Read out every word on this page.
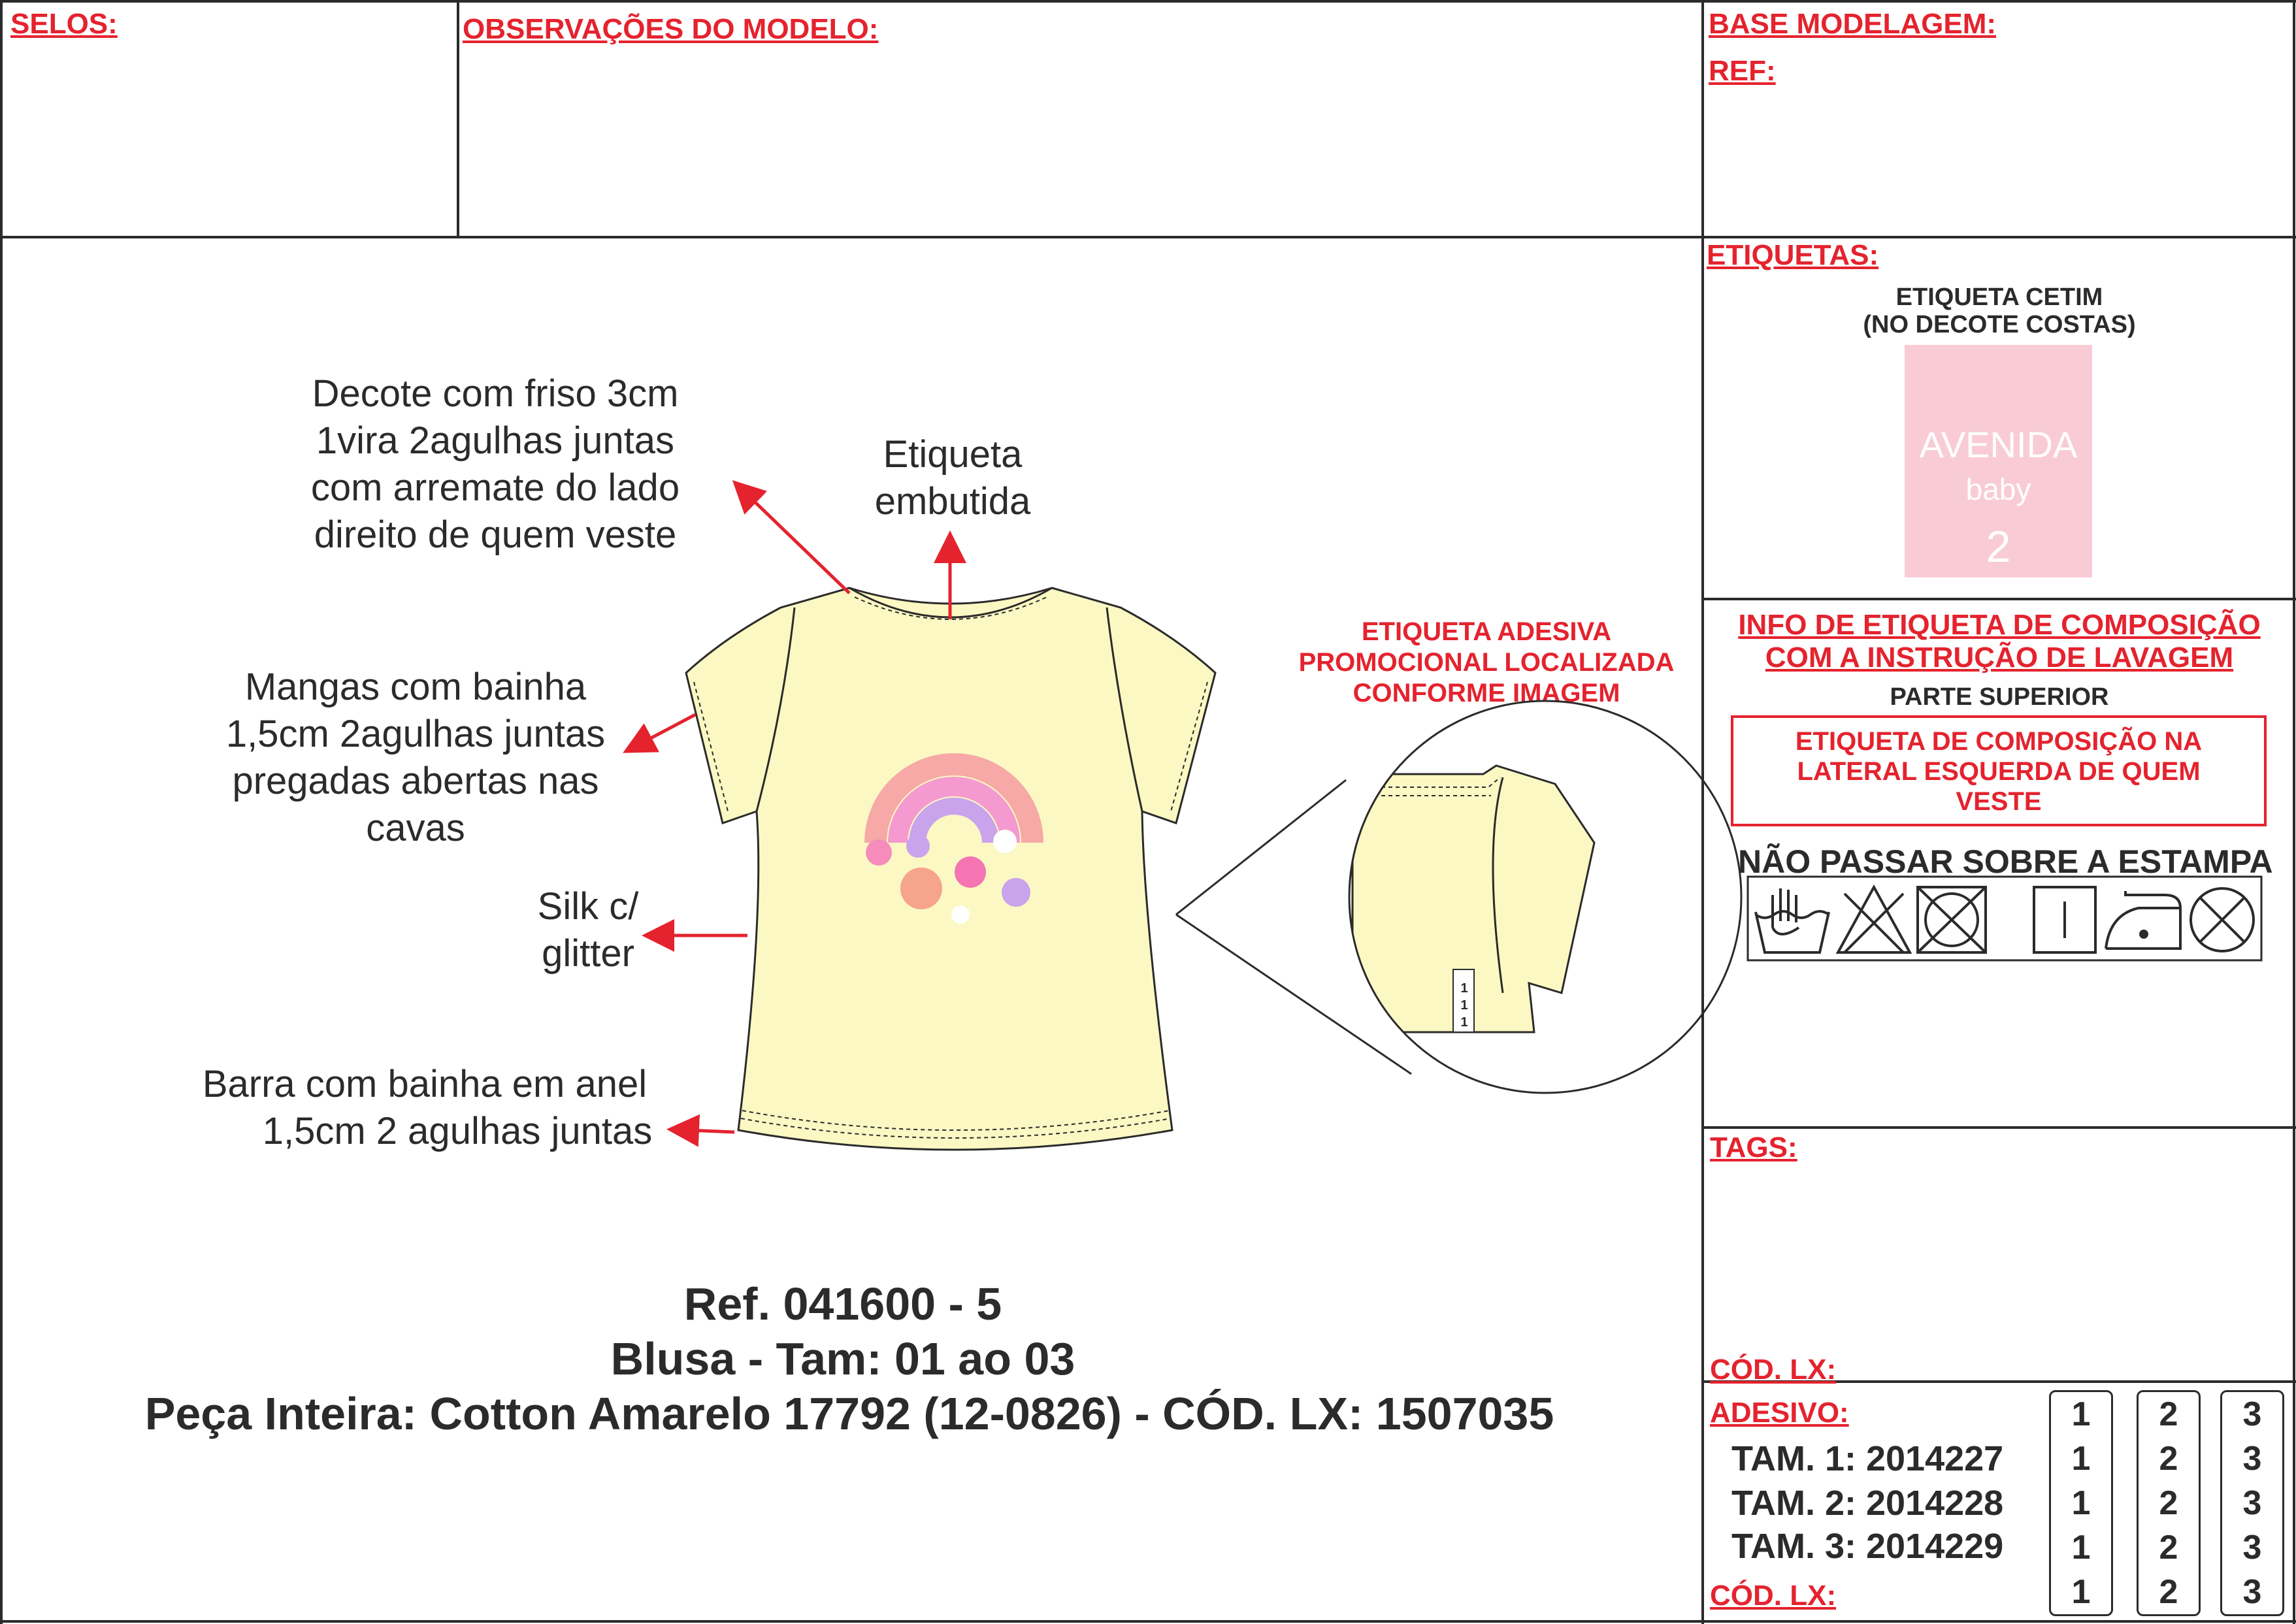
SELOS:	OBSERVAÇÕES DO MODELO:	BASE MODELAGEM:
REF:
ETIQUETAS:
TAGS:
CÓD. LX:
ADESIVO:
CÓD. LX:
ETIQUETA CETIM
(NO DECOTE COSTAS)
AVENIDA
baby
2
INFO DE ETIQUETA DE COMPOSIÇÃO
COM A INSTRUÇÃO DE LAVAGEM
PARTE SUPERIOR
ETIQUETA DE COMPOSIÇÃO NA
LATERAL ESQUERDA DE QUEM
VESTE
NÃO PASSAR SOBRE A ESTAMPA
Decote com friso 3cm
1vira 2agulhas juntas
com arremate do lado
direito de quem veste
Etiqueta
embutida
Mangas com bainha
1,5cm 2agulhas juntas
pregadas abertas nas
cavas
Silk c/
glitter
Barra com bainha em anel
1,5cm 2 agulhas juntas
ETIQUETA ADESIVA
PROMOCIONAL LOCALIZADA
CONFORME IMAGEM
1
1
1
Ref. 041600 - 5
Blusa - Tam: 01 ao 03
Peça Inteira: Cotton Amarelo 17792 (12-0826) - CÓD. LX: 1507035
TAM. 1: 2014227
TAM. 2: 2014228
TAM. 3: 2014229
1
1
1
1
1
2
2
2
2
2
3
3
3
3
3
